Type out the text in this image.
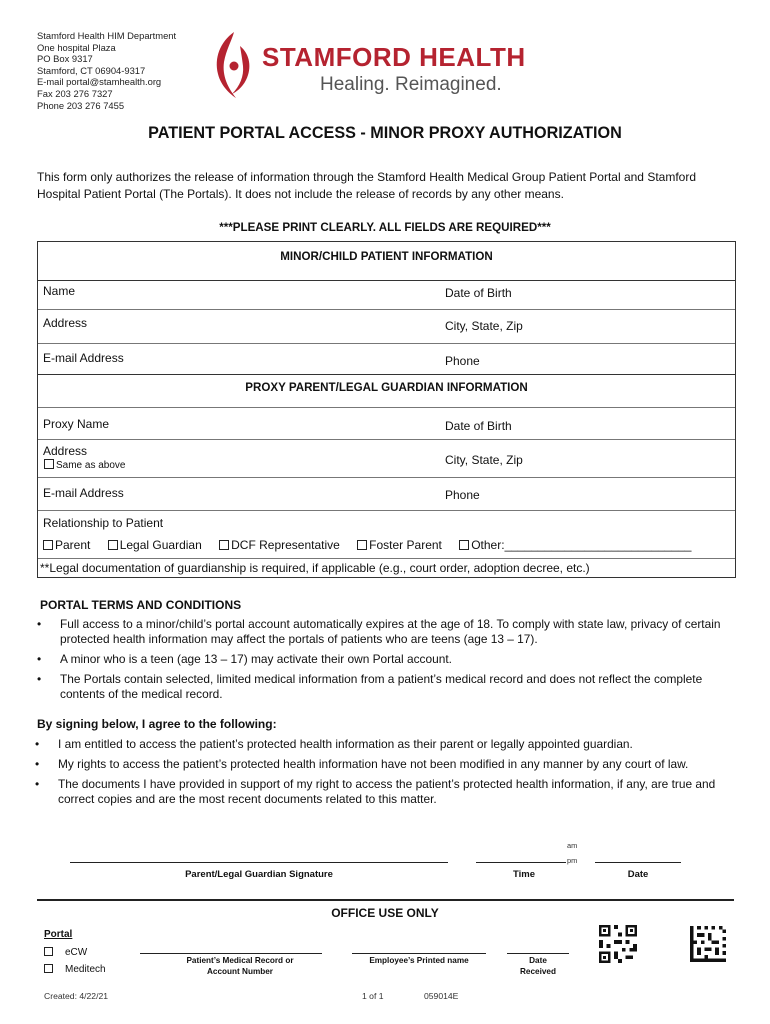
Stamford Health HIM Department
One hospital Plaza
PO Box 9317
Stamford, CT 06904-9317
E-mail portal@stamhealth.org
Fax 203 276 7327
Phone 203 276 7455
STAMFORD HEALTH
Healing. Reimagined.
PATIENT PORTAL ACCESS - MINOR PROXY AUTHORIZATION
This form only authorizes the release of information through the Stamford Health Medical Group Patient Portal and Stamford Hospital Patient Portal (The Portals). It does not include the release of records by any other means.
***PLEASE PRINT CLEARLY. ALL FIELDS ARE REQUIRED***
MINOR/CHILD PATIENT INFORMATION
Name	Date of Birth
Address	City, State, Zip
E-mail Address	Phone
PROXY PARENT/LEGAL GUARDIAN INFORMATION
Proxy Name	Date of Birth
Address
Same as above	City, State, Zip
E-mail Address	Phone
Relationship to Patient
Parent Legal Guardian DCF Representative Foster Parent Other:____________________________
**Legal documentation of guardianship is required, if applicable (e.g., court order, adoption decree, etc.)
PORTAL TERMS AND CONDITIONS
• Full access to a minor/child’s portal account automatically expires at the age of 18. To comply with state law, privacy of certain protected health information may affect the portals of patients who are teens (age 13 – 17).
• A minor who is a teen (age 13 – 17) may activate their own Portal account.
• The Portals contain selected, limited medical information from a patient’s medical record and does not reflect the complete contents of the medical record.
By signing below, I agree to the following:
• I am entitled to access the patient’s protected health information as their parent or legally appointed guardian.
• My rights to access the patient’s protected health information have not been modified in any manner by any court of law.
• The documents I have provided in support of my right to access the patient’s protected health information, if any, are true and correct copies and are the most recent documents related to this matter.
am
pm
Parent/Legal Guardian Signature	Time	Date
OFFICE USE ONLY
Portal
eCW
Meditech
Patient’s Medical Record or
Account Number
Employee’s Printed name	Date
Received
Created: 4/22/21	1 of 1	059014E
